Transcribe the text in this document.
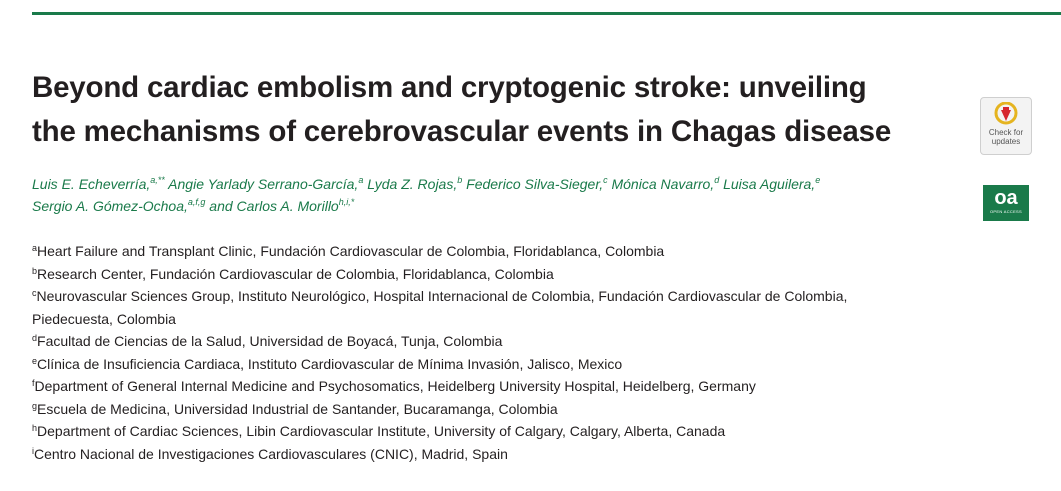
Beyond cardiac embolism and cryptogenic stroke: unveiling
the mechanisms of cerebrovascular events in Chagas disease	Check for
updates
Luis E. Echeverría,$^{a,**}$ Angie Yarlady Serrano-García,$^a$ Lyda Z. Rojas,$^b$ Federico Silva-Sieger,$^c$ Mónica Navarro,$^d$ Luisa Aguilera,$^e$
Sergio A. Gómez-Ochoa,$^{a,f,g}$ and Carlos A. Morillo$^{h,i,*}$	oa
OPEN ACCESS
$^a$Heart Failure and Transplant Clinic, Fundación Cardiovascular de Colombia, Floridablanca, Colombia
$^b$Research Center, Fundación Cardiovascular de Colombia, Floridablanca, Colombia
$^c$Neurovascular Sciences Group, Instituto Neurológico, Hospital Internacional de Colombia, Fundación Cardiovascular de Colombia,
Piedecuesta, Colombia
$^d$Facultad de Ciencias de la Salud, Universidad de Boyacá, Tunja, Colombia
$^e$Clínica de Insuficiencia Cardiaca, Instituto Cardiovascular de Mínima Invasión, Jalisco, Mexico
$^f$Department of General Internal Medicine and Psychosomatics, Heidelberg University Hospital, Heidelberg, Germany
$^g$Escuela de Medicina, Universidad Industrial de Santander, Bucaramanga, Colombia
$^h$Department of Cardiac Sciences, Libin Cardiovascular Institute, University of Calgary, Calgary, Alberta, Canada
$^i$Centro Nacional de Investigaciones Cardiovasculares (CNIC), Madrid, Spain
